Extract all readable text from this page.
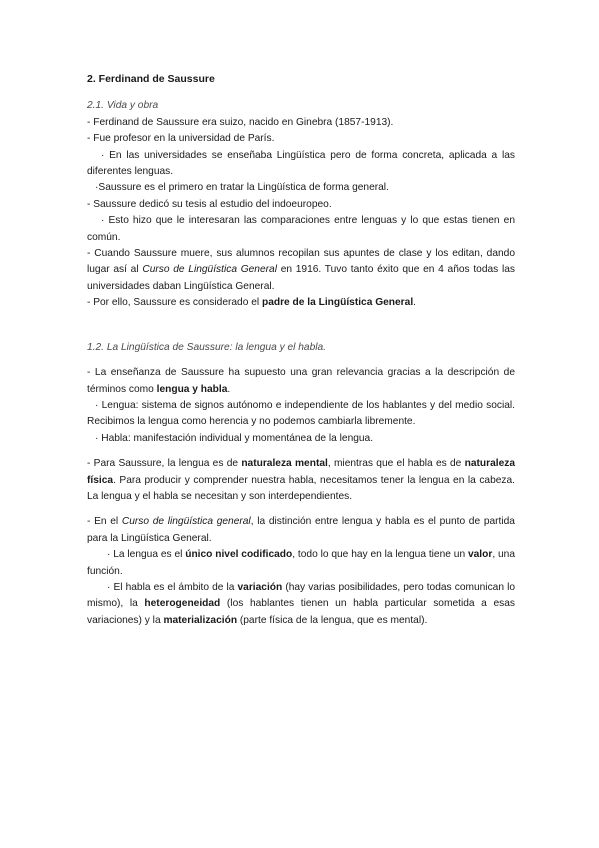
2. Ferdinand de Saussure

2.1. Vida y obra

- Ferdinand de Saussure era suizo, nacido en Ginebra (1857-1913).

- Fue profesor en la universidad de París.

· En las universidades se enseñaba Lingüística pero de forma concreta, aplicada a las diferentes lenguas.

·Saussure es el primero en tratar la Lingüística de forma general.

- Saussure dedicó su tesis al estudio del indoeuropeo.

· Esto hizo que le interesaran las comparaciones entre lenguas y lo que estas tienen en común.

- Cuando Saussure muere, sus alumnos recopilan sus apuntes de clase y los editan, dando lugar así al Curso de Lingüística General en 1916. Tuvo tanto éxito que en 4 años todas las universidades daban Lingüística General.

- Por ello, Saussure es considerado el padre de la Lingüística General.

1.2. La Lingüística de Saussure: la lengua y el habla.

- La enseñanza de Saussure ha supuesto una gran relevancia gracias a la descripción de términos como lengua y habla.

· Lengua: sistema de signos autónomo e independiente de los hablantes y del medio social. Recibimos la lengua como herencia y no podemos cambiarla libremente.

· Habla: manifestación individual y momentánea de la lengua.

- Para Saussure, la lengua es de naturaleza mental, mientras que el habla es de naturaleza física. Para producir y comprender nuestra habla, necesitamos tener la lengua en la cabeza. La lengua y el habla se necesitan y son interdependientes.

- En el Curso de lingüística general, la distinción entre lengua y habla es el punto de partida para la Lingüística General.

· La lengua es el único nivel codificado, todo lo que hay en la lengua tiene un valor, una función.

· El habla es el ámbito de la variación (hay varias posibilidades, pero todas comunican lo mismo), la heterogeneidad (los hablantes tienen un habla particular sometida a esas variaciones) y la materialización (parte física de la lengua, que es mental).
